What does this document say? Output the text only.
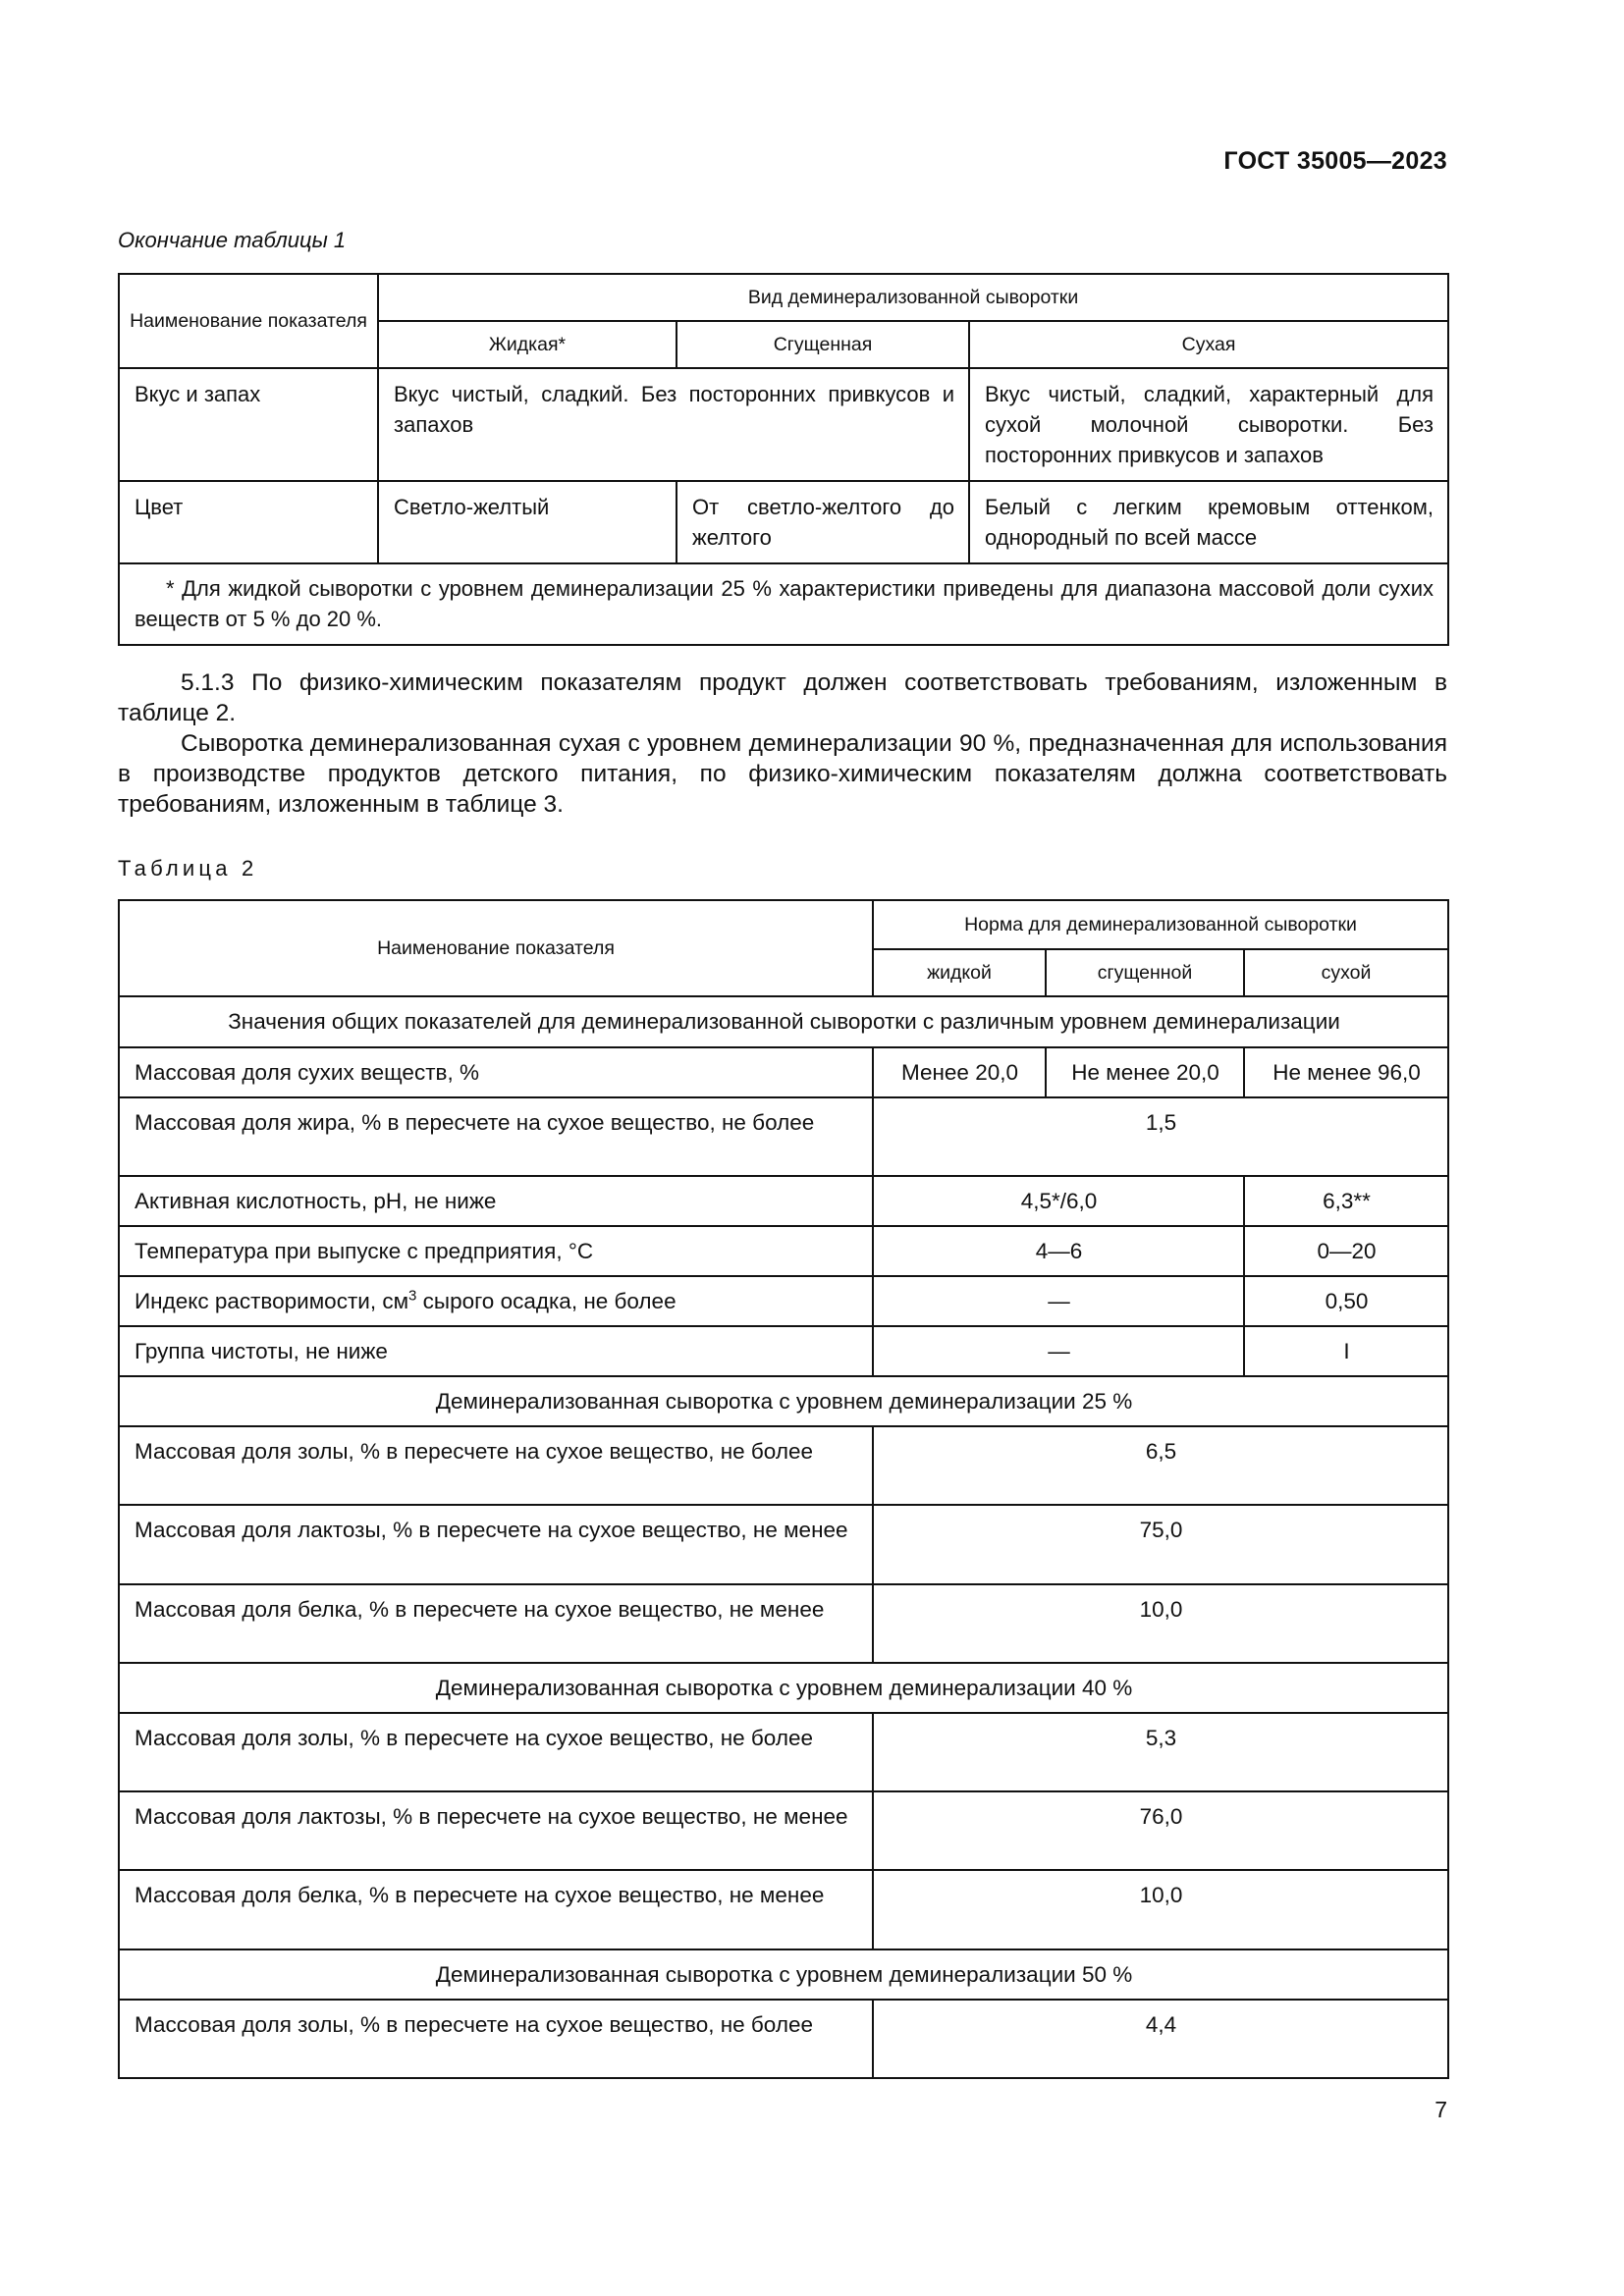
ГОСТ 35005—2023
Окончание таблицы 1
Наименование показателя	Вид деминерализованной сыворотки		
	Жидкая*	Сгущенная	Сухая
Вкус и запах	Вкус чистый, сладкий. Без посторонних привкусов и запахов		Вкус чистый, сладкий, характерный для сухой молочной сыворотки. Без посторонних привкусов и запахов
Цвет	Светло-желтый	От светло-желтого до желтого	Белый с легким кремовым оттенком, однородный по всей массе
* Для жидкой сыворотки с уровнем деминерализации 25 % характеристики приведены для диапазона массовой доли сухих веществ от 5 % до 20 %.			

5.1.3 По физико-химическим показателям продукт должен соответствовать требованиям, изложенным в таблице 2.

Сыворотка деминерализованная сухая с уровнем деминерализации 90 %, предназначенная для использования в производстве продуктов детского питания, по физико-химическим показателям должна соответствовать требованиям, изложенным в таблице 3.

Таблица 2
Наименование показателя	Норма для деминерализованной сыворотки		
	жидкой	сгущенной	сухой
Значения общих показателей для деминерализованной сыворотки с различным уровнем деминерализации			
Массовая доля сухих веществ, %	Менее 20,0	Не менее 20,0	Не менее 96,0
Массовая доля жира, % в пересчете на сухое вещество, не более	1,5		
Активная кислотность, pH, не ниже	4,5*/6,0		6,3**
Температура при выпуске с предприятия, °С	4—6		0—20
Индекс растворимости, $см^3$ сырого осадка, не более	—		0,50
Группа чистоты, не ниже	—		I
Деминерализованная сыворотка с уровнем деминерализации 25 %			
Массовая доля золы, % в пересчете на сухое вещество, не более	6,5		
Массовая доля лактозы, % в пересчете на сухое вещество, не менее	75,0		
Массовая доля белка, % в пересчете на сухое вещество, не менее	10,0		
Деминерализованная сыворотка с уровнем деминерализации 40 %			
Массовая доля золы, % в пересчете на сухое вещество, не более	5,3		
Массовая доля лактозы, % в пересчете на сухое вещество, не менее	76,0		
Массовая доля белка, % в пересчете на сухое вещество, не менее	10,0		
Деминерализованная сыворотка с уровнем деминерализации 50 %			
Массовая доля золы, % в пересчете на сухое вещество, не более	4,4		
7
